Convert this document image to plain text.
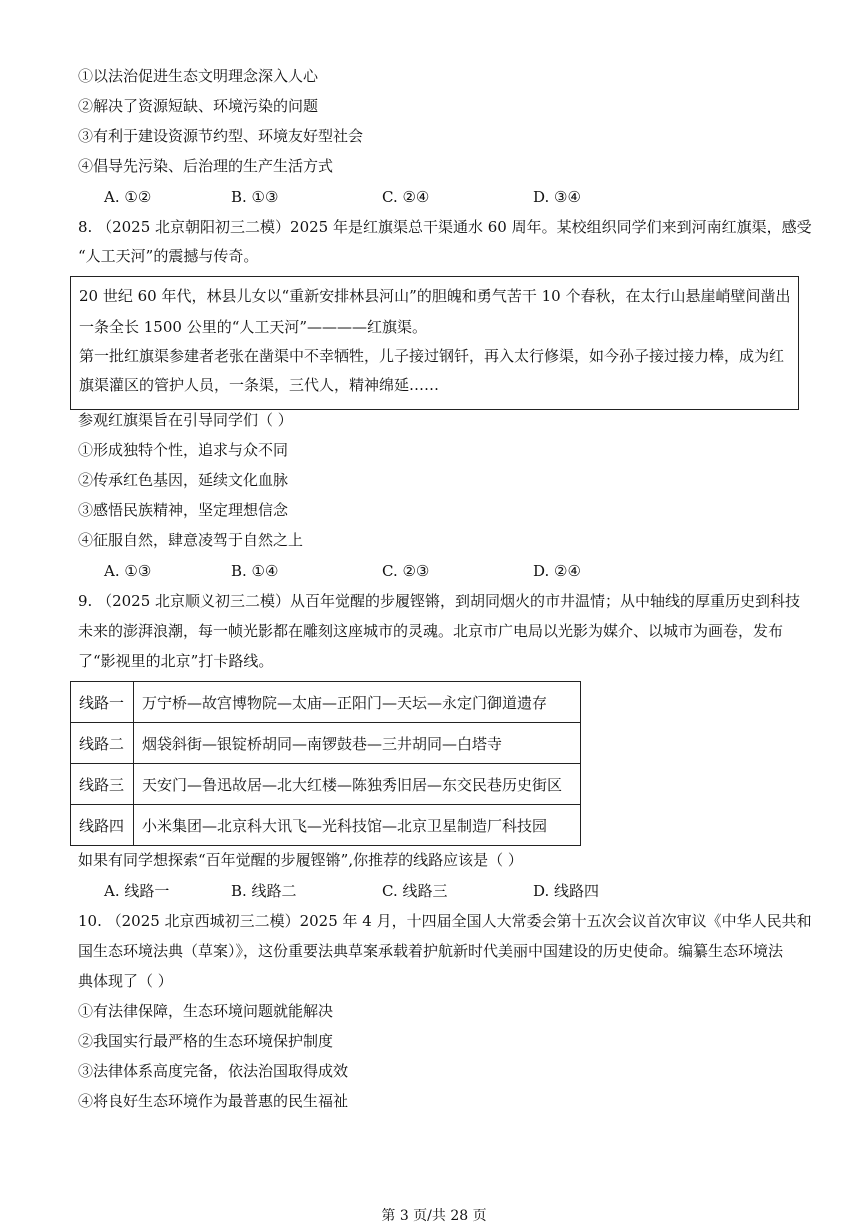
①以法治促进生态文明理念深入人心
②解决了资源短缺、环境污染的问题
③有利于建设资源节约型、环境友好型社会
④倡导先污染、后治理的生产生活方式
A. ①②	B. ①③	C. ②④	D. ③④
8. （2025 北京朝阳初三二模）2025 年是红旗渠总干渠通水 60 周年。某校组织同学们来到河南红旗渠，感受
“人工天河”的震撼与传奇。
20 世纪 60 年代，林县儿女以“重新安排林县河山”的胆魄和勇气苦干 10 个春秋，在太行山悬崖峭壁间凿出
一条全长 1500 公里的“人工天河”————红旗渠。
第一批红旗渠参建者老张在凿渠中不幸牺牲，儿子接过钢钎，再入太行修渠，如今孙子接过接力棒，成为红
旗渠灌区的管护人员，一条渠，三代人，精神绵延……
参观红旗渠旨在引导同学们（ ）
①形成独特个性，追求与众不同
②传承红色基因，延续文化血脉
③感悟民族精神，坚定理想信念
④征服自然，肆意凌驾于自然之上
A. ①③	B. ①④	C. ②③	D. ②④
9. （2025 北京顺义初三二模）从百年觉醒的步履铿锵，到胡同烟火的市井温情；从中轴线的厚重历史到科技
未来的澎湃浪潮，每一帧光影都在雕刻这座城市的灵魂。北京市广电局以光影为媒介、以城市为画卷，发布
了“影视里的北京”打卡路线。
线路一	万宁桥—故宫博物院—太庙—正阳门—天坛—永定门御道遗存
线路二	烟袋斜街—银锭桥胡同—南锣鼓巷—三井胡同—白塔寺
线路三	天安门—鲁迅故居—北大红楼—陈独秀旧居—东交民巷历史街区
线路四	小米集团—北京科大讯飞—光科技馆—北京卫星制造厂科技园
如果有同学想探索“百年觉醒的步履铿锵”,你推荐的线路应该是（ ）
A. 线路一	B. 线路二	C. 线路三	D. 线路四
10. （2025 北京西城初三二模）2025 年 4 月，十四届全国人大常委会第十五次会议首次审议《中华人民共和
国生态环境法典（草案）》，这份重要法典草案承载着护航新时代美丽中国建设的历史使命。编纂生态环境法
典体现了（ ）
①有法律保障，生态环境问题就能解决
②我国实行最严格的生态环境保护制度
③法律体系高度完备，依法治国取得成效
④将良好生态环境作为最普惠的民生福祉
第 3 页/共 28 页
